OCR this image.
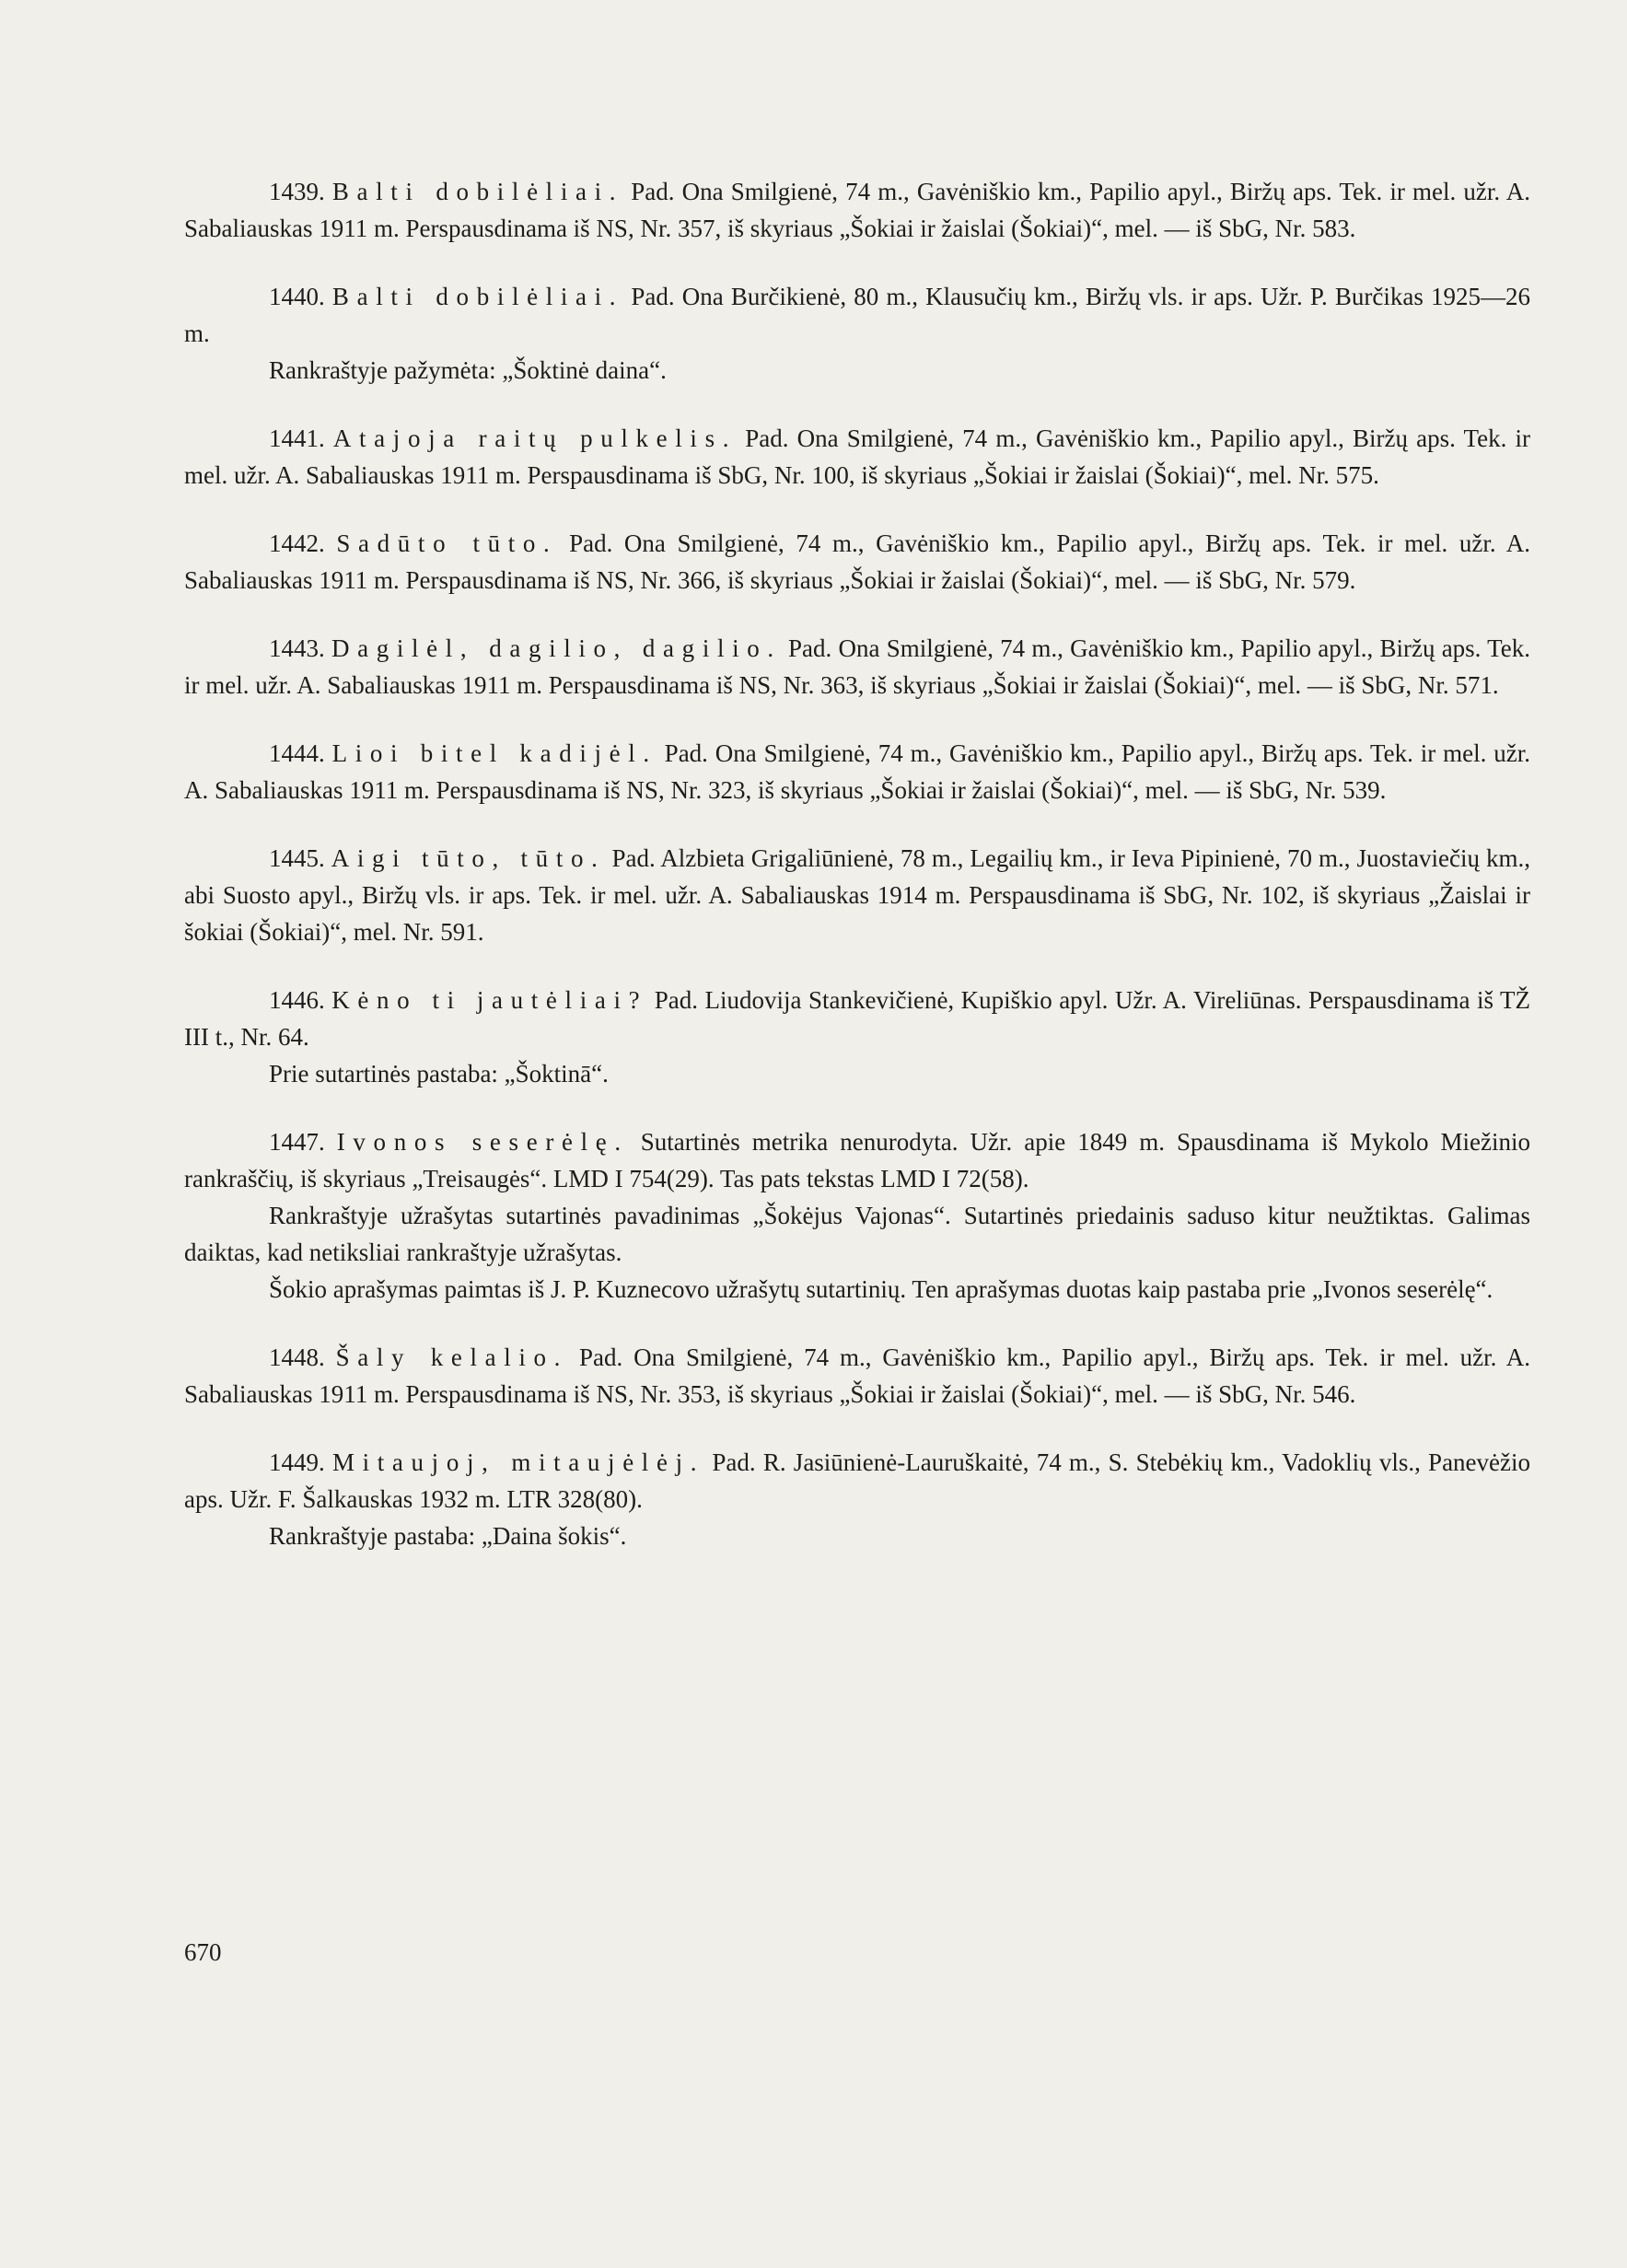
1439. Balti dobilėliai. Pad. Ona Smilgienė, 74 m., Gavėniškio km., Papilio apyl., Biržų aps. Tek. ir mel. užr. A. Sabaliauskas 1911 m. Perspausdinama iš NS, Nr. 357, iš skyriaus „Šokiai ir žaislai (Šokiai)“, mel. — iš SbG, Nr. 583.

1440. Balti dobilėliai. Pad. Ona Burčikienė, 80 m., Klausučių km., Biržų vls. ir aps. Užr. P. Burčikas 1925—26 m.

Rankraštyje pažymėta: „Šoktinė daina“.

1441. Atajoja raitų pulkelis. Pad. Ona Smilgienė, 74 m., Gavėniškio km., Papilio apyl., Biržų aps. Tek. ir mel. užr. A. Sabaliauskas 1911 m. Perspausdinama iš SbG, Nr. 100, iš skyriaus „Šokiai ir žaislai (Šokiai)“, mel. Nr. 575.

1442. Sadūto tūto. Pad. Ona Smilgienė, 74 m., Gavėniškio km., Papilio apyl., Biržų aps. Tek. ir mel. užr. A. Sabaliauskas 1911 m. Perspausdinama iš NS, Nr. 366, iš skyriaus „Šokiai ir žaislai (Šokiai)“, mel. — iš SbG, Nr. 579.

1443. Dagilėl, dagilio, dagilio. Pad. Ona Smilgienė, 74 m., Gavėniškio km., Papilio apyl., Biržų aps. Tek. ir mel. užr. A. Sabaliauskas 1911 m. Perspausdinama iš NS, Nr. 363, iš skyriaus „Šokiai ir žaislai (Šokiai)“, mel. — iš SbG, Nr. 571.

1444. Lioi bitel kadijėl. Pad. Ona Smilgienė, 74 m., Gavėniškio km., Papilio apyl., Biržų aps. Tek. ir mel. užr. A. Sabaliauskas 1911 m. Perspausdinama iš NS, Nr. 323, iš skyriaus „Šokiai ir žaislai (Šokiai)“, mel. — iš SbG, Nr. 539.

1445. Aigi tūto, tūto. Pad. Alzbieta Grigaliūnienė, 78 m., Legailių km., ir Ieva Pipinienė, 70 m., Juostaviečių km., abi Suosto apyl., Biržų vls. ir aps. Tek. ir mel. užr. A. Sabaliauskas 1914 m. Perspausdinama iš SbG, Nr. 102, iš skyriaus „Žaislai ir šokiai (Šokiai)“, mel. Nr. 591.

1446. Kėno ti jautėliai? Pad. Liudovija Stankevičienė, Kupiškio apyl. Užr. A. Vireliūnas. Perspausdinama iš TŽ III t., Nr. 64.

Prie sutartinės pastaba: „Šoktinā“.

1447. Ivonos seserėlę. Sutartinės metrika nenurodyta. Užr. apie 1849 m. Spausdinama iš Mykolo Miežinio rankraščių, iš skyriaus „Treisaugės“. LMD I 754(29). Tas pats tekstas LMD I 72(58).

Rankraštyje užrašytas sutartinės pavadinimas „Šokėjus Vajonas“. Sutartinės priedainis saduso kitur neužtiktas. Galimas daiktas, kad netiksliai rankraštyje užrašytas.

Šokio aprašymas paimtas iš J. P. Kuznecovo užrašytų sutartinių. Ten aprašymas duotas kaip pastaba prie „Ivonos seserėlę“.

1448. Šaly kelalio. Pad. Ona Smilgienė, 74 m., Gavėniškio km., Papilio apyl., Biržų aps. Tek. ir mel. užr. A. Sabaliauskas 1911 m. Perspausdinama iš NS, Nr. 353, iš skyriaus „Šokiai ir žaislai (Šokiai)“, mel. — iš SbG, Nr. 546.

1449. Mitaujoj, mitaujėlėj. Pad. R. Jasiūnienė-Lauruškaitė, 74 m., S. Stebėkių km., Vadoklių vls., Panevėžio aps. Užr. F. Šalkauskas 1932 m. LTR 328(80).

Rankraštyje pastaba: „Daina šokis“.

670
